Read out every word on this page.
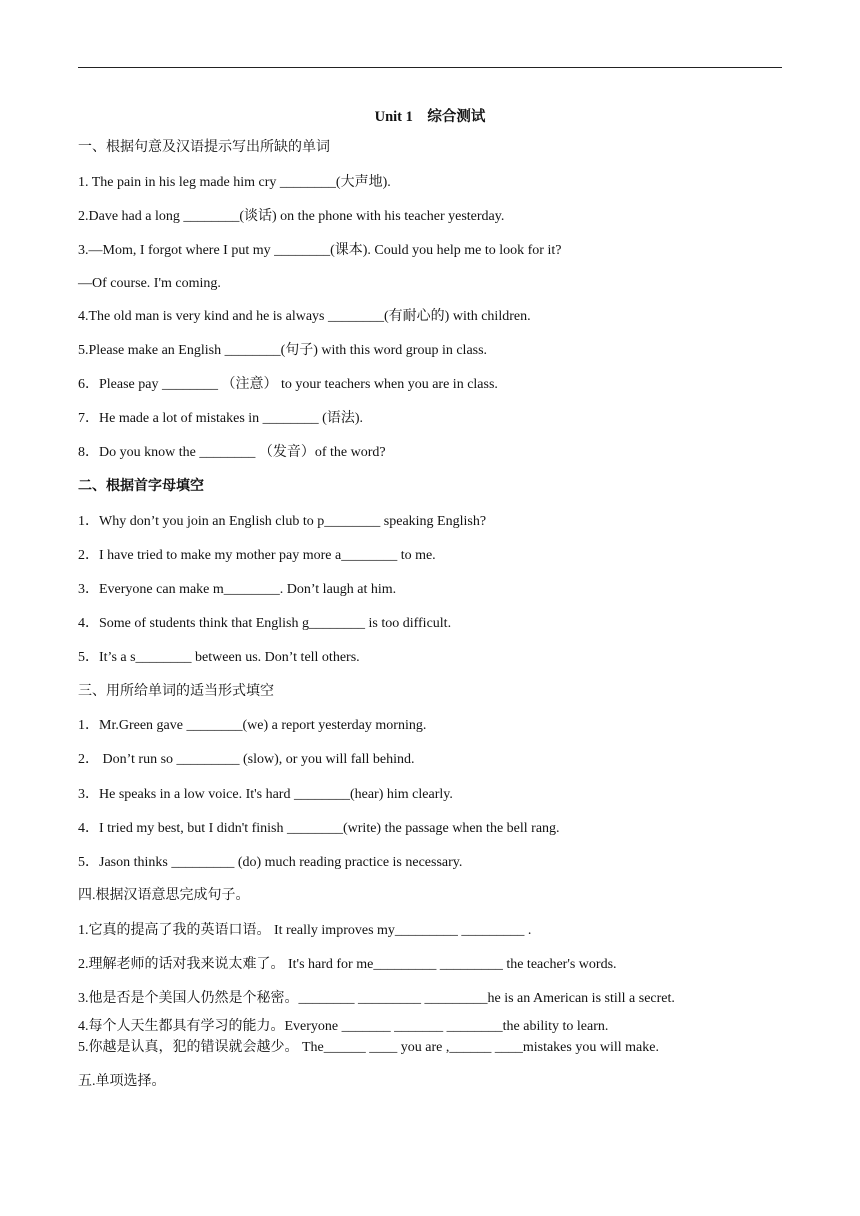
Unit 1　综合测试
一、根据句意及汉语提示写出所缺的单词
1. The pain in his leg made him cry ________(大声地).
2.Dave had a long ________(谈话) on the phone with his teacher yesterday.
3.—Mom, I forgot where I put my ________(课本). Could you help me to look for it?
—Of course. I'm coming.
4.The old man is very kind and he is always ________(有耐心的) with children.
5.Please make an English ________(句子) with this word group in class.
6．Please pay ________ （注意） to your teachers when you are in class.
7．He made a lot of mistakes in ________ (语法).
8．Do you know the ________ （发音）of the word?
二、根据首字母填空
1．Why don’t you join an English club to p________ speaking English?
2．I have tried to make my mother pay more a________ to me.
3．Everyone can make m________. Don’t laugh at him.
4．Some of students think that English g________ is too difficult.
5．It’s a s________ between us. Don’t tell others.
三、用所给单词的适当形式填空
1．Mr.Green gave ________(we) a report yesterday morning.
2． Don’t run so _________ (slow), or you will fall behind.
3．He speaks in a low voice. It's hard ________(hear) him clearly.
4．I tried my best, but I didn't finish ________(write) the passage when the bell rang.
5．Jason thinks _________ (do) much reading practice is necessary.
四.根据汉语意思完成句子。
1.它真的提高了我的英语口语。 It really improves my_________ _________ .
2.理解老师的话对我来说太难了。 It's hard for me_________ _________ the teacher's words.
3.他是否是个美国人仍然是个秘密。________ _________ _________he is an American is still a secret.
4.每个人天生都具有学习的能力。Everyone _______ _______ ________the ability to learn.
5.你越是认真，犯的错误就会越少。 The______ ____ you are ,______ ____mistakes you will make.
五.单项选择。
